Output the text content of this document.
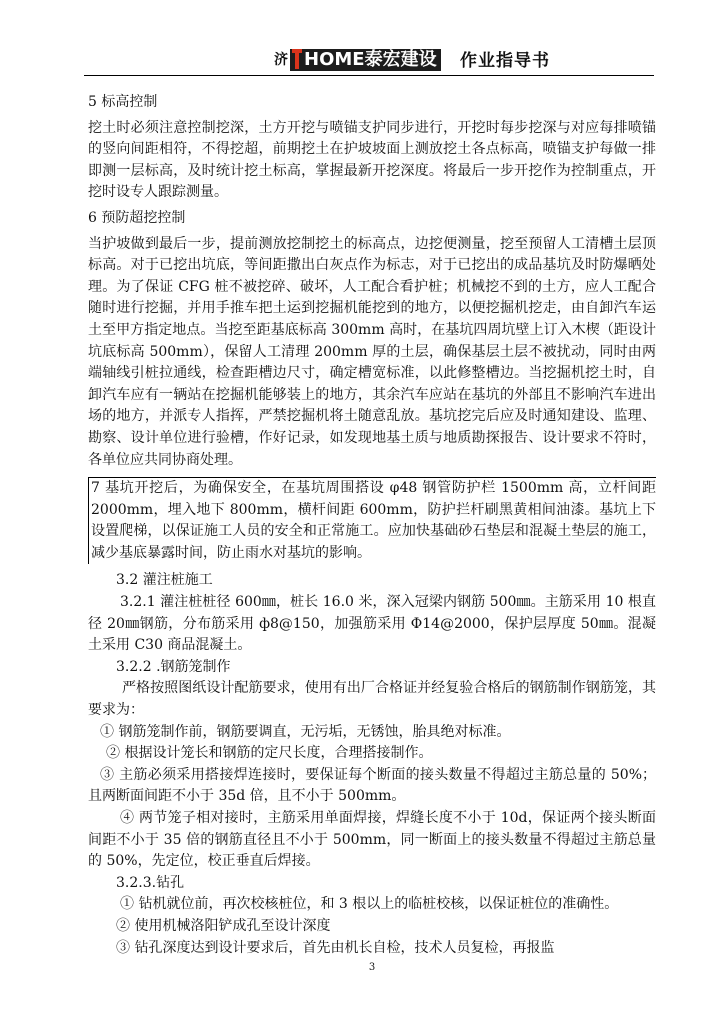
济 HOME泰宏建设 作业指导书

5 标高控制

挖土时必须注意控制挖深，土方开挖与喷锚支护同步进行，开挖时每步挖深与对应每排喷锚的竖向间距相符，不得挖超，前期挖土在护坡坡面上测放挖土各点标高，喷锚支护每做一排即测一层标高，及时统计挖土标高，掌握最新开挖深度。将最后一步开挖作为控制重点，开挖时设专人跟踪测量。

6 预防超挖控制

当护坡做到最后一步，提前测放挖制挖土的标高点，边挖便测量，挖至预留人工清槽土层顶标高。对于已挖出坑底，等间距撒出白灰点作为标志，对于已挖出的成品基坑及时防爆晒处理。为了保证 CFG 桩不被挖碎、破坏，人工配合看护桩；机械挖不到的土方，应人工配合随时进行挖掘，并用手推车把土运到挖掘机能挖到的地方，以便挖掘机挖走，由自卸汽车运土至甲方指定地点。当挖至距基底标高 300mm 高时，在基坑四周坑壁上订入木楔（距设计坑底标高 500mm），保留人工清理 200mm 厚的土层，确保基层土层不被扰动，同时由两端轴线引桩拉通线，检查距槽边尺寸，确定槽宽标准，以此修整槽边。当挖掘机挖土时，自卸汽车应有一辆站在挖掘机能够装上的地方，其余汽车应站在基坑的外部且不影响汽车进出场的地方，并派专人指挥，严禁挖掘机将土随意乱放。基坑挖完后应及时通知建设、监理、勘察、设计单位进行验槽，作好记录，如发现地基土质与地质勘探报告、设计要求不符时，各单位应共同协商处理。

7 基坑开挖后，为确保安全，在基坑周围搭设 φ48 钢管防护栏 1500mm 高，立杆间距 2000mm，埋入地下 800mm，横杆间距 600mm，防护拦杆刷黑黄相间油漆。基坑上下设置爬梯，以保证施工人员的安全和正常施工。应加快基础砂石垫层和混凝土垫层的施工，减少基底暴露时间，防止雨水对基坑的影响。

3.2 灌注桩施工

3.2.1 灌注桩桩径 600㎜，桩长 16.0 米，深入冠梁内钢筋 500㎜。主筋采用 10 根直径 20㎜钢筋，分布筋采用 ф8@150，加强筋采用 Φ14@2000，保护层厚度 50㎜。混凝土采用 C30 商品混凝土。

3.2.2 .钢筋笼制作

严格按照图纸设计配筋要求，使用有出厂合格证并经复验合格后的钢筋制作钢筋笼，其要求为：

① 钢筋笼制作前，钢筋要调直，无污垢，无锈蚀，胎具绝对标准。

② 根据设计笼长和钢筋的定尺长度，合理搭接制作。

③ 主筋必须采用搭接焊连接时，要保证每个断面的接头数量不得超过主筋总量的 50%；且两断面间距不小于 35d 倍，且不小于 500mm。

④ 两节笼子相对接时，主筋采用单面焊接，焊缝长度不小于 10d，保证两个接头断面间距不小于 35 倍的钢筋直径且不小于 500mm，同一断面上的接头数量不得超过主筋总量的 50%，先定位，校正垂直后焊接。

3.2.3.钻孔

① 钻机就位前，再次校核桩位，和 3 根以上的临桩校核，以保证桩位的准确性。

② 使用机械洛阳铲成孔至设计深度

③ 钻孔深度达到设计要求后，首先由机长自检，技术人员复检，再报监

3
